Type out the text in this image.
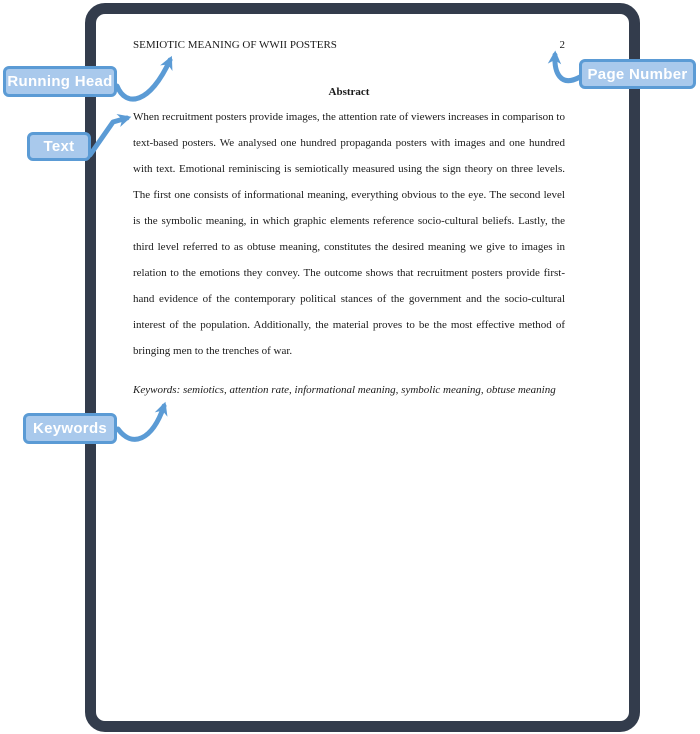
SEMIOTIC MEANING OF WWII POSTERS	2
Abstract
When recruitment posters provide images, the attention rate of viewers increases in comparison to text-based posters. We analysed one hundred propaganda posters with images and one hundred with text. Emotional reminiscing is semiotically measured using the sign theory on three levels. The first one consists of informational meaning, everything obvious to the eye. The second level is the symbolic meaning, in which graphic elements reference socio-cultural beliefs. Lastly, the third level referred to as obtuse meaning, constitutes the desired meaning we give to images in relation to the emotions they convey. The outcome shows that recruitment posters provide first-hand evidence of the contemporary political stances of the government and the socio-cultural interest of the population. Additionally, the material proves to be the most effective method of bringing men to the trenches of war.
Keywords: semiotics, attention rate, informational meaning, symbolic meaning, obtuse meaning
Running Head
Text
Keywords
Page Number
